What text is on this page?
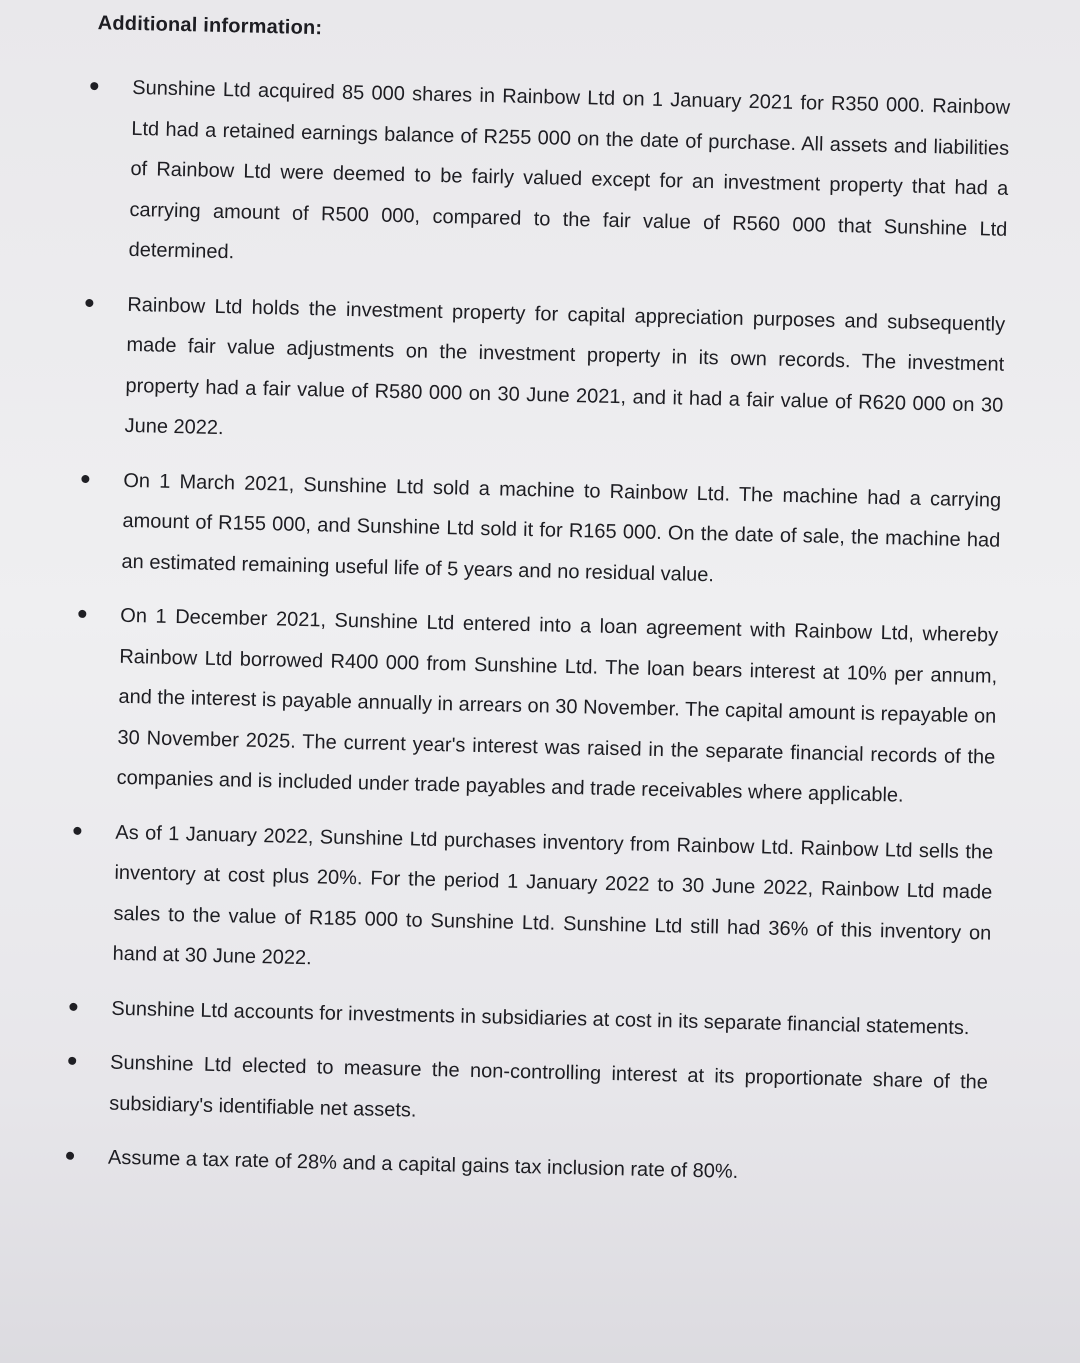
Additional information:
Sunshine Ltd acquired 85 000 shares in Rainbow Ltd on 1 January 2021 for R350 000. Rainbow Ltd had a retained earnings balance of R255 000 on the date of purchase. All assets and liabilities of Rainbow Ltd were deemed to be fairly valued except for an investment property that had a carrying amount of R500 000, compared to the fair value of R560 000 that Sunshine Ltd determined.
Rainbow Ltd holds the investment property for capital appreciation purposes and subsequently made fair value adjustments on the investment property in its own records. The investment property had a fair value of R580 000 on 30 June 2021, and it had a fair value of R620 000 on 30 June 2022.
On 1 March 2021, Sunshine Ltd sold a machine to Rainbow Ltd. The machine had a carrying amount of R155 000, and Sunshine Ltd sold it for R165 000. On the date of sale, the machine had an estimated remaining useful life of 5 years and no residual value.
On 1 December 2021, Sunshine Ltd entered into a loan agreement with Rainbow Ltd, whereby Rainbow Ltd borrowed R400 000 from Sunshine Ltd. The loan bears interest at 10% per annum, and the interest is payable annually in arrears on 30 November. The capital amount is repayable on 30 November 2025. The current year's interest was raised in the separate financial records of the companies and is included under trade payables and trade receivables where applicable.
As of 1 January 2022, Sunshine Ltd purchases inventory from Rainbow Ltd. Rainbow Ltd sells the inventory at cost plus 20%. For the period 1 January 2022 to 30 June 2022, Rainbow Ltd made sales to the value of R185 000 to Sunshine Ltd. Sunshine Ltd still had 36% of this inventory on hand at 30 June 2022.
Sunshine Ltd accounts for investments in subsidiaries at cost in its separate financial statements.
Sunshine Ltd elected to measure the non-controlling interest at its proportionate share of the subsidiary's identifiable net assets.
Assume a tax rate of 28% and a capital gains tax inclusion rate of 80%.
